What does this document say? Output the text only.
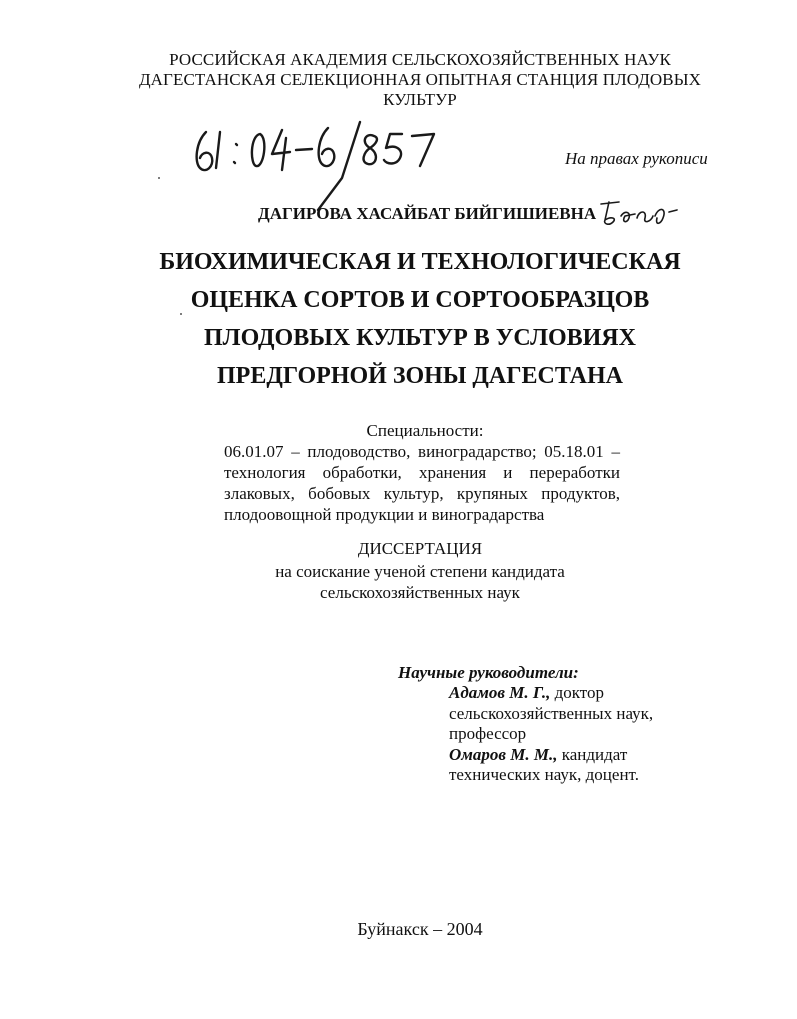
РОССИЙСКАЯ АКАДЕМИЯ СЕЛЬСКОХОЗЯЙСТВЕННЫХ НАУК
ДАГЕСТАНСКАЯ СЕЛЕКЦИОННАЯ ОПЫТНАЯ СТАНЦИЯ ПЛОДОВЫХ
КУЛЬТУР
На правах рукописи
ДАГИРОВА ХАСАЙБАТ БИЙГИШИЕВНА
БИОХИМИЧЕСКАЯ И ТЕХНОЛОГИЧЕСКАЯ
ОЦЕНКА СОРТОВ И СОРТООБРАЗЦОВ
ПЛОДОВЫХ КУЛЬТУР В УСЛОВИЯХ
ПРЕДГОРНОЙ ЗОНЫ ДАГЕСТАНА
Специальности:
06.01.07 – плодоводство, виноградарство; 05.18.01 –
технология обработки, хранения и переработки
злаковых, бобовых культур, крупяных продуктов,
плодоовощной продукции и виноградарства
ДИССЕРТАЦИЯ
на соискание ученой степени кандидата
сельскохозяйственных наук
Научные руководители:
Адамов М. Г., доктор
сельскохозяйственных наук,
профессор
Омаров М. М., кандидат
технических наук, доцент.
Буйнакск – 2004
